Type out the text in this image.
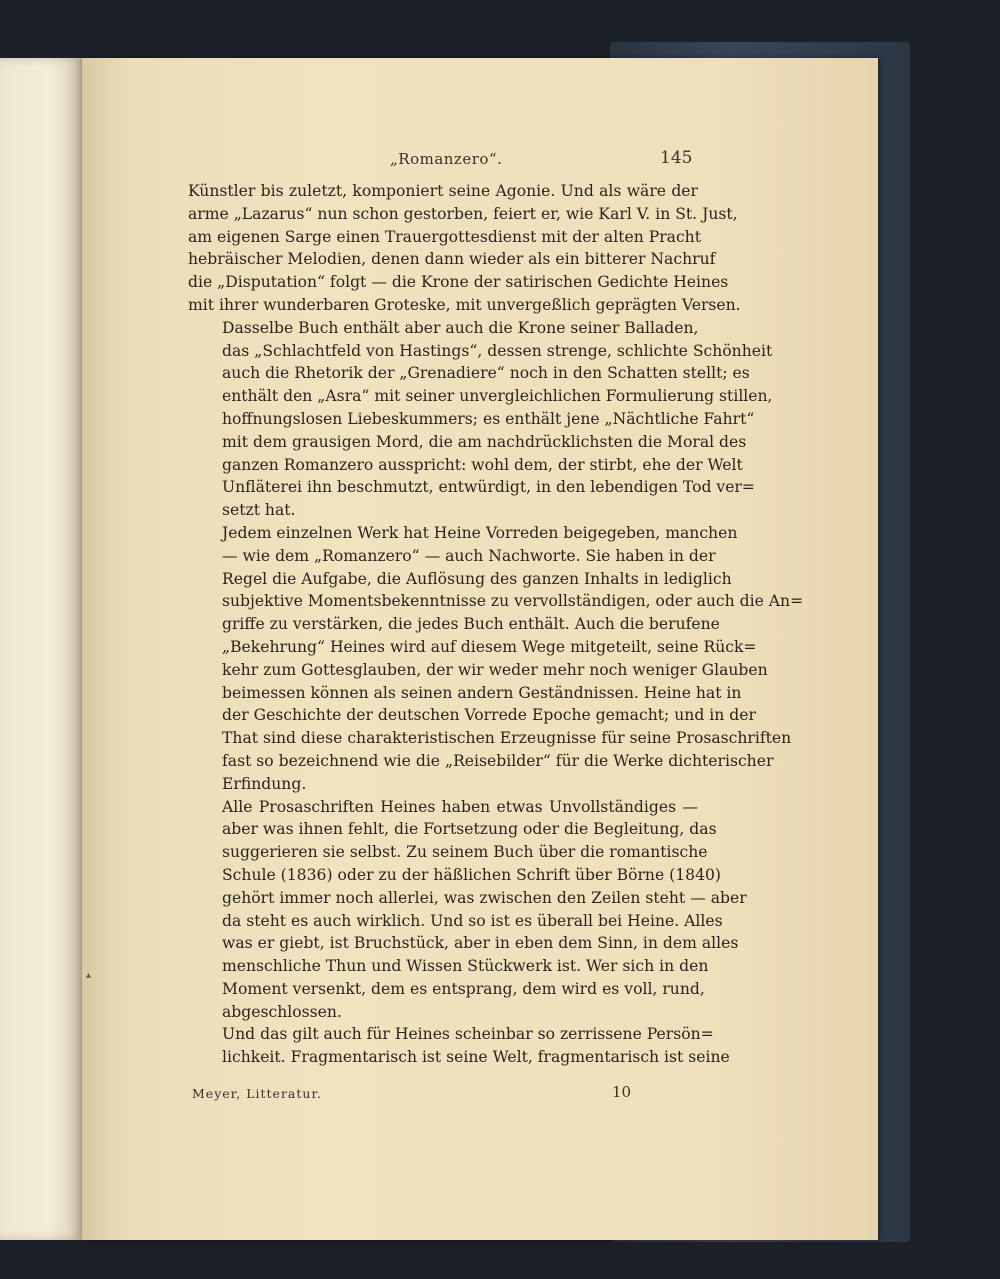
„Romanzero“.	145

Künstler bis zuletzt, komponiert seine Agonie. Und als wäre der
arme „Lazarus“ nun schon gestorben, feiert er, wie Karl V. in St. Just,
am eigenen Sarge einen Trauergottesdienst mit der alten Pracht
hebräischer Melodien, denen dann wieder als ein bitterer Nachruf
die „Disputation“ folgt — die Krone der satirischen Gedichte Heines
mit ihrer wunderbaren Groteske, mit unvergeßlich geprägten Versen.

Dasselbe Buch enthält aber auch die Krone seiner Balladen,
das „Schlachtfeld von Hastings“, dessen strenge, schlichte Schönheit
auch die Rhetorik der „Grenadiere“ noch in den Schatten stellt; es
enthält den „Asra“ mit seiner unvergleichlichen Formulierung stillen,
hoffnungslosen Liebeskummers; es enthält jene „Nächtliche Fahrt“
mit dem grausigen Mord, die am nachdrücklichsten die Moral des
ganzen Romanzero ausspricht: wohl dem, der stirbt, ehe der Welt
Unfläterei ihn beschmutzt, entwürdigt, in den lebendigen Tod ver=
setzt hat.

Jedem einzelnen Werk hat Heine Vorreden beigegeben, manchen
— wie dem „Romanzero“ — auch Nachworte. Sie haben in der
Regel die Aufgabe, die Auflösung des ganzen Inhalts in lediglich
subjektive Momentsbekenntnisse zu vervollständigen, oder auch die An=
griffe zu verstärken, die jedes Buch enthält. Auch die berufene
„Bekehrung“ Heines wird auf diesem Wege mitgeteilt, seine Rück=
kehr zum Gottesglauben, der wir weder mehr noch weniger Glauben
beimessen können als seinen andern Geständnissen. Heine hat in
der Geschichte der deutschen Vorrede Epoche gemacht; und in der
That sind diese charakteristischen Erzeugnisse für seine Prosaschriften
fast so bezeichnend wie die „Reisebilder“ für die Werke dichterischer
Erfindung.

Alle Prosaschriften Heines haben etwas Unvollständiges —
aber was ihnen fehlt, die Fortsetzung oder die Begleitung, das
suggerieren sie selbst. Zu seinem Buch über die romantische
Schule (1836) oder zu der häßlichen Schrift über Börne (1840)
gehört immer noch allerlei, was zwischen den Zeilen steht — aber
da steht es auch wirklich. Und so ist es überall bei Heine. Alles
was er giebt, ist Bruchstück, aber in eben dem Sinn, in dem alles
menschliche Thun und Wissen Stückwerk ist. Wer sich in den
Moment versenkt, dem es entsprang, dem wird es voll, rund,
abgeschlossen.

Und das gilt auch für Heines scheinbar so zerrissene Persön=
lichkeit. Fragmentarisch ist seine Welt, fragmentarisch ist seine

▴
Meyer, Litteratur.	10
